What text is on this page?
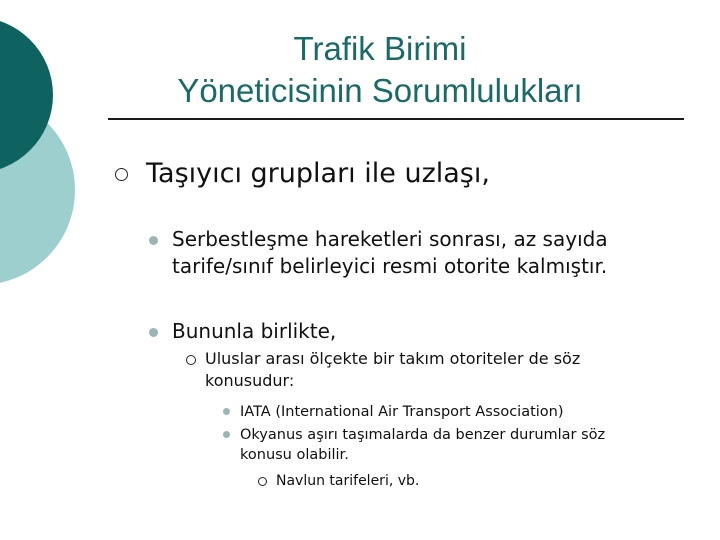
Trafik Birimi
Yöneticisinin Sorumlulukları
Taşıyıcı grupları ile uzlaşı,
Serbestleşme hareketleri sonrası, az sayıda
tarife/sınıf belirleyici resmi otorite kalmıştır.
Bununla birlikte,
Uluslar arası ölçekte bir takım otoriteler de söz
konusudur:
IATA (International Air Transport Association)
Okyanus aşırı taşımalarda da benzer durumlar söz
konusu olabilir.
Navlun tarifeleri, vb.
